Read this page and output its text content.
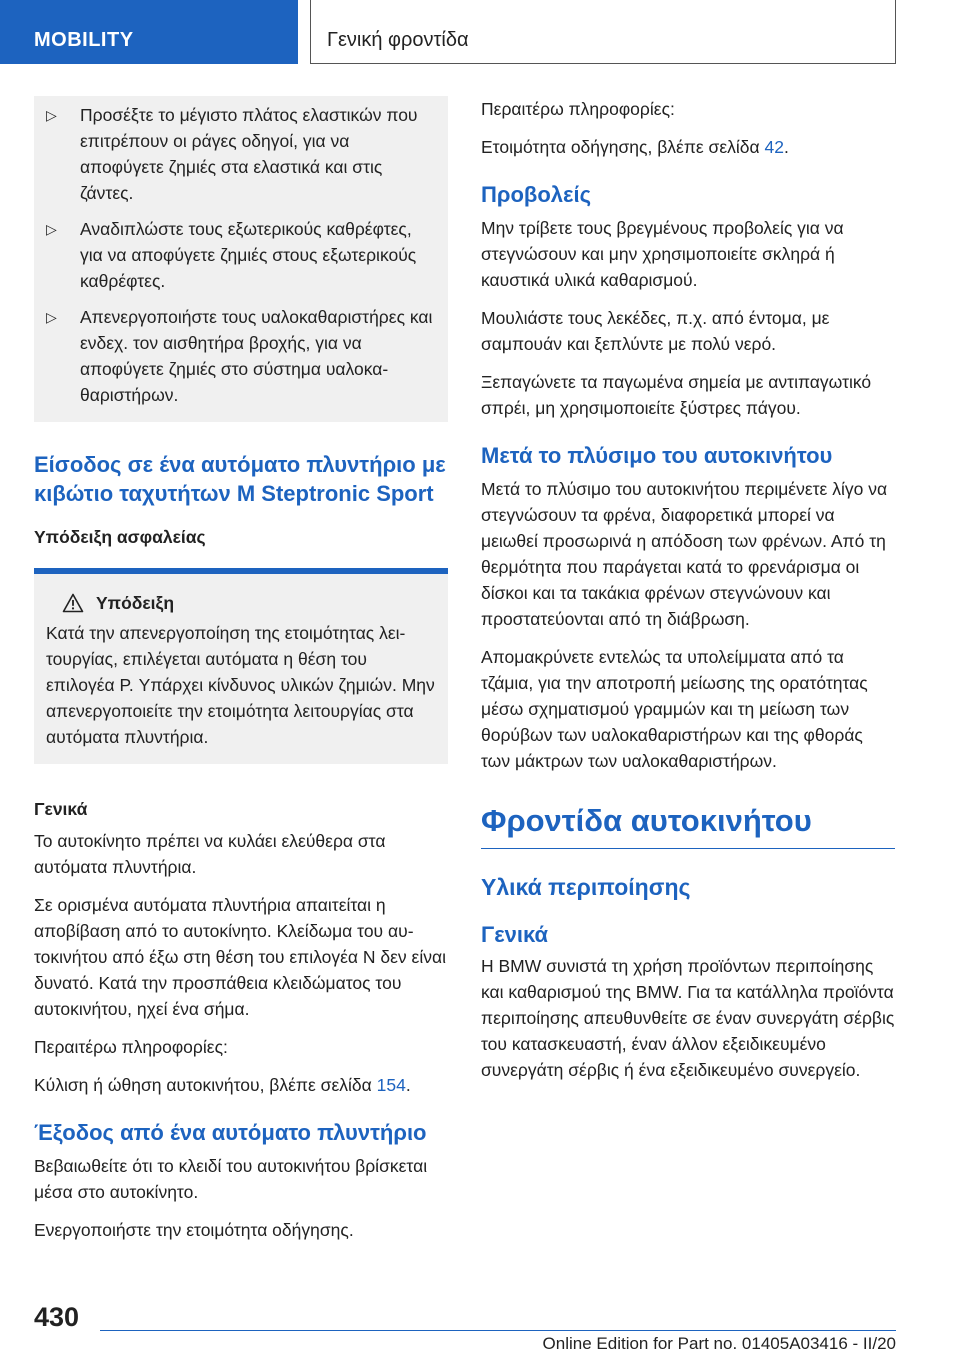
MOBILITY	Γενική φροντίδα
▷	Προσέξτε το μέγιστο πλάτος ελαστικών που επιτρέπουν οι ράγες οδηγοί, για να αποφύγετε ζημιές στα ελαστικά και στις ζάντες.
▷	Αναδιπλώστε τους εξωτερικούς καθρέφτες, για να αποφύγετε ζημιές στους εξωτερικούς καθρέφτες.
▷	Απενεργοποιήστε τους υαλοκαθαριστήρες και ενδεχ. τον αισθητήρα βροχής, για να αποφύγετε ζημιές στο σύστημα υαλοκαθαριστήρων.
Είσοδος σε ένα αυτόματο πλυντήριο με κιβώτιο ταχυτήτων M Steptronic Sport
Υπόδειξη ασφαλείας
Υπόδειξη

Κατά την απενεργοποίηση της ετοιμότητας λειτουργίας, επιλέγεται αυτόματα η θέση του επιλογέα P. Υπάρχει κίνδυνος υλικών ζημιών. Μην απενεργοποιείτε την ετοιμότητα λειτουργίας στα αυτόματα πλυντήρια.

Γενικά

Το αυτοκίνητο πρέπει να κυλάει ελεύθερα στα αυτόματα πλυντήρια.

Σε ορισμένα αυτόματα πλυντήρια απαιτείται η αποβίβαση από το αυτοκίνητο. Κλείδωμα του αυτοκινήτου από έξω στη θέση του επιλογέα N δεν είναι δυνατό. Κατά την προσπάθεια κλειδώματος του αυτοκινήτου, ηχεί ένα σήμα.

Περαιτέρω πληροφορίες:

Κύλιση ή ώθηση αυτοκινήτου, βλέπε σελίδα 154.

Έξοδος από ένα αυτόματο πλυντήριο

Βεβαιωθείτε ότι το κλειδί του αυτοκινήτου βρίσκεται μέσα στο αυτοκίνητο.

Ενεργοποιήστε την ετοιμότητα οδήγησης.

Περαιτέρω πληροφορίες:

Ετοιμότητα οδήγησης, βλέπε σελίδα 42.

Προβολείς

Μην τρίβετε τους βρεγμένους προβολείς για να στεγνώσουν και μην χρησιμοποιείτε σκληρά ή καυστικά υλικά καθαρισμού.

Μουλιάστε τους λεκέδες, π.χ. από έντομα, με σαμπουάν και ξεπλύντε με πολύ νερό.

Ξεπαγώνετε τα παγωμένα σημεία με αντιπαγωτικό σπρέι, μη χρησιμοποιείτε ξύστρες πάγου.

Μετά το πλύσιμο του αυτοκινήτου

Μετά το πλύσιμο του αυτοκινήτου περιμένετε λίγο να στεγνώσουν τα φρένα, διαφορετικά μπορεί να μειωθεί προσωρινά η απόδοση των φρένων. Από τη θερμότητα που παράγεται κατά το φρενάρισμα οι δίσκοι και τα τακάκια φρένων στεγνώνουν και προστατεύονται από τη διάβρωση.

Απομακρύνετε εντελώς τα υπολείμματα από τα τζάμια, για την αποτροπή μείωσης της ορατότητας μέσω σχηματισμού γραμμών και τη μείωση των θορύβων των υαλοκαθαριστήρων και της φθοράς των μάκτρων των υαλοκαθαριστήρων.

Φροντίδα αυτοκινήτου
Υλικά περιποίησης
Γενικά

Η BMW συνιστά τη χρήση προϊόντων περιποίησης και καθαρισμού της BMW. Για τα κατάλληλα προϊόντα περιποίησης απευθυνθείτε σε έναν συνεργάτη σέρβις του κατασκευαστή, έναν άλλον εξειδικευμένο συνεργάτη σέρβις ή ένα εξειδικευμένο συνεργείο.

430
Online Edition for Part no. 01405A03416 - II/20
